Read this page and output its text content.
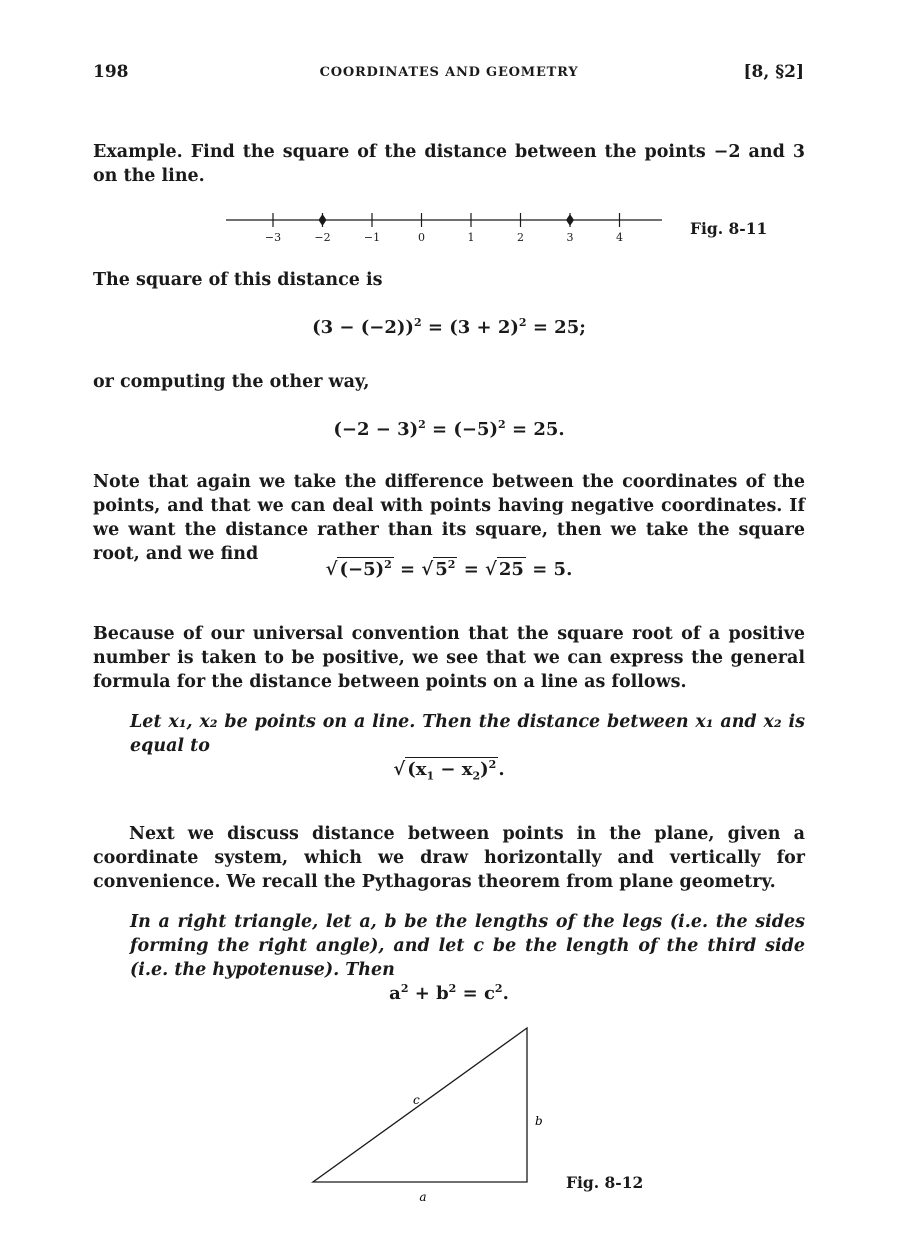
198	COORDINATES AND GEOMETRY	[8, §2]
Example. Find the square of the distance between the points −2 and 3 on the line.
−3	−2	−1	0	1	2	3	4	Fig. 8-11
The square of this distance is
$(3 - (-2))^2 = (3 + 2)^2 = 25$;
or computing the other way,
$(-2 - 3)^2 = (-5)^2 = 25$.
Note that again we take the difference between the coordinates of the points, and that we can deal with points having negative coordinates. If we want the distance rather than its square, then we take the square root, and we find
√ $(-5)^2$ = √ $5^2$ = √ 25 = 5.
Because of our universal convention that the square root of a positive number is taken to be positive, we see that we can express the general formula for the distance between points on a line as follows.
Let x₁, x₂ be points on a line. Then the distance between x₁ and x₂ is equal to
√ $(x_1 - x_2)^2$ .
Next we discuss distance between points in the plane, given a coordinate system, which we draw horizontally and vertically for convenience. We recall the Pythagoras theorem from plane geometry.
In a right triangle, let a, b be the lengths of the legs (i.e. the sides forming the right angle), and let c be the length of the third side (i.e. the hypotenuse). Then
$a^2 + b^2 = c^2$.
a
b
c
Fig. 8-12
